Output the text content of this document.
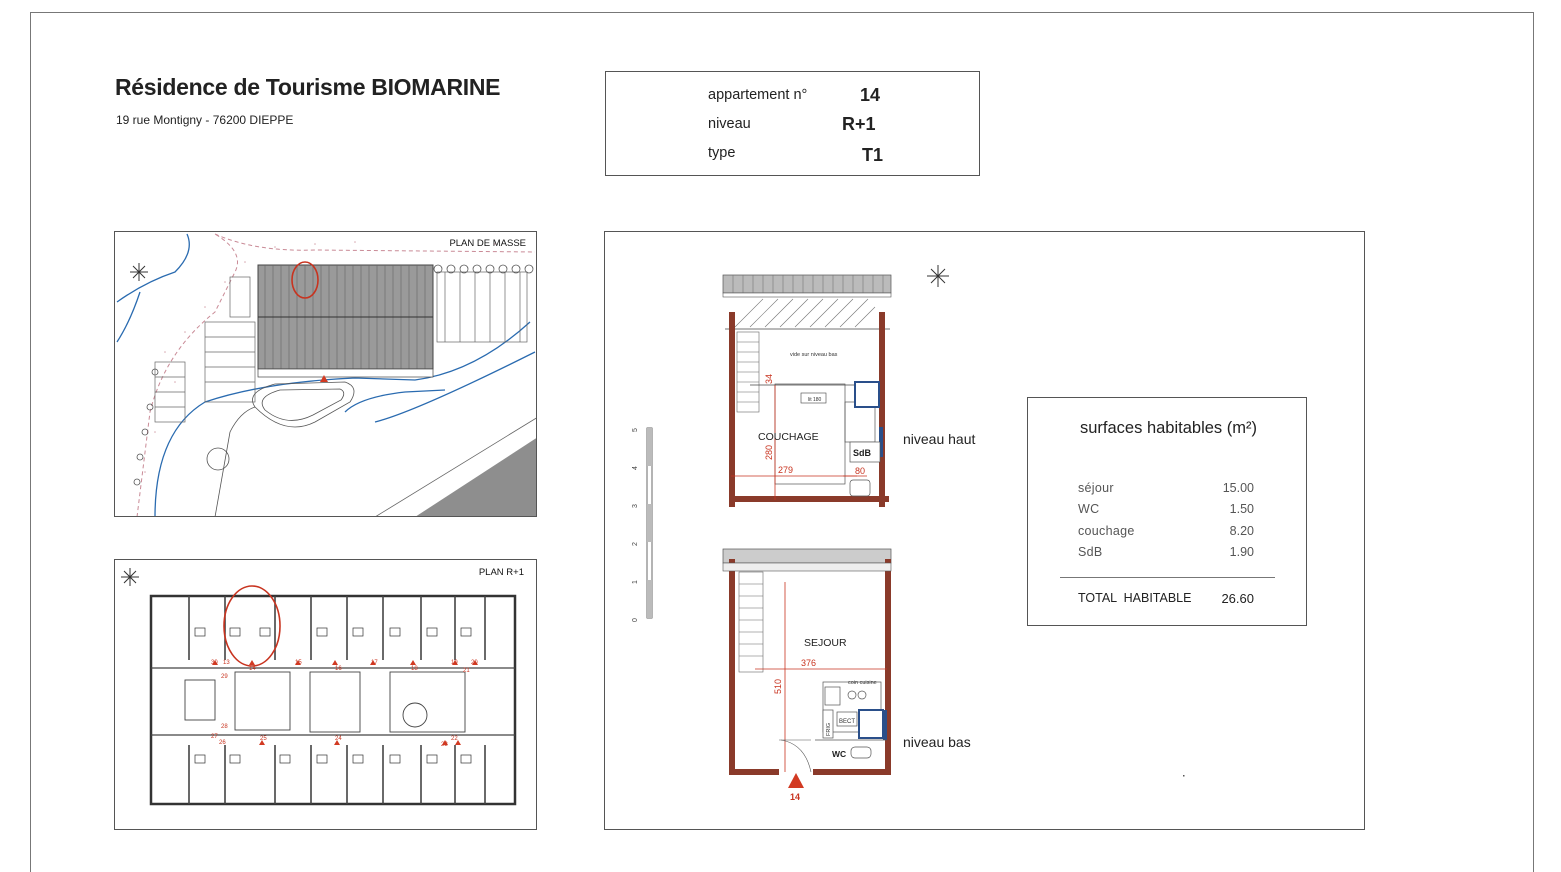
Résidence de Tourisme BIOMARINE
19 rue Montigny - 76200 DIEPPE
appartement n°	14
niveau	R+1
type	T1
PLAN DE MASSE
13
14
15
16
17
18
19 20
21
22
23
24
25
26
27
28
29
30
PLAN R+1
5
4
3
2
1
0
34
280
279	80
vide sur niveau bas
lit 180
COUCHAGE
SdB
376
510
SEJOUR
coin cuisine
FRIG
BECT
WC
14
niveau haut
niveau bas
surfaces habitables (m²)
séjour	15.00
WC	1.50
couchage	8.20
SdB	1.90
TOTAL  HABITABLE 26.60
